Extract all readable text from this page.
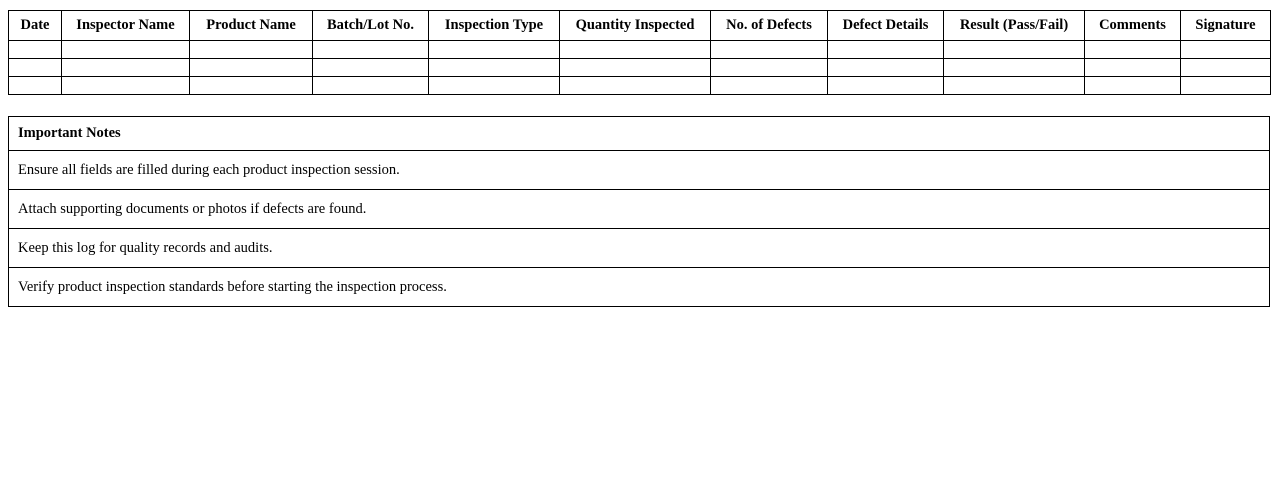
Date	Inspector Name	Product Name	Batch/Lot No.	Inspection Type	Quantity Inspected	No. of Defects	Defect Details	Result (Pass/Fail)	Comments	Signature

Important Notes
Ensure all fields are filled during each product inspection session.
Attach supporting documents or photos if defects are found.
Keep this log for quality records and audits.
Verify product inspection standards before starting the inspection process.
